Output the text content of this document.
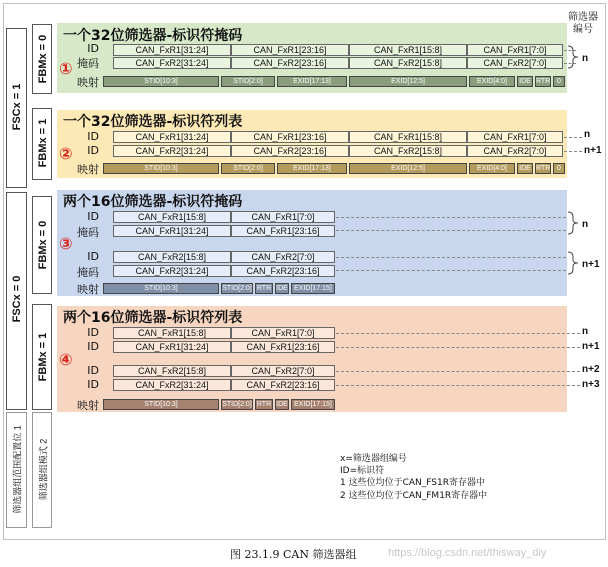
FSCx = 1
FSCx = 0
FBMx = 0
FBMx = 1
FBMx = 0
FBMx = 1
筛选器组范围配置位 1 筛选器组模式 2
筛选器编号
一个32位筛选器-标识符掩码
①
ID
掩码
映射
CAN_FxR1[31:24]	CAN_FxR1[23:16]	CAN_FxR1[15:8]	CAN_FxR1[7:0]
CAN_FxR2[31:24]	CAN_FxR2[23:16]	CAN_FxR2[15:8]	CAN_FxR2[7:0]
STID[10:3]	STID[2:0]	EXID[17:13]	EXID[12:5]	EXID[4:0]	IDE RTR 0
一个32位筛选器-标识符列表
②
ID
ID
映射
CAN_FxR1[31:24]	CAN_FxR1[23:16]	CAN_FxR1[15:8]	CAN_FxR1[7:0]
CAN_FxR2[31:24]	CAN_FxR2[23:16]	CAN_FxR2[15:8]	CAN_FxR2[7:0]
STID[10:3]	STID[2:0]	EXID[17:13]	EXID[12:5]	EXID[4:0]	IDE RTR 0
两个16位筛选器-标识符掩码
③
ID
掩码
ID
掩码
映射
CAN_FxR1[15:8]	CAN_FxR1[7:0]
CAN_FxR1[31:24]	CAN_FxR1[23:16]
CAN_FxR2[15:8]	CAN_FxR2[7:0]
CAN_FxR2[31:24]	CAN_FxR2[23:16]
STID[10:3]	STID[2:0] RTR IDE EXID[17:15]
两个16位筛选器-标识符列表
④
ID
ID
ID
ID
映射
CAN_FxR1[15:8]	CAN_FxR1[7:0]
CAN_FxR1[31:24]	CAN_FxR1[23:16]
CAN_FxR2[15:8]	CAN_FxR2[7:0]
CAN_FxR2[31:24]	CAN_FxR2[23:16]
STID[10:3]	STID[2:0] RTR IDE EXID[17:15]
n
n
n+1
n
n+1
n
n+1
n+2
n+3
x=筛选器组编号
ID=标识符
1 这些位均位于CAN_FS1R寄存器中
2 这些位均位于CAN_FM1R寄存器中
图 23.1.9 CAN 筛选器组	https://blog.csdn.net/thisway_diy
